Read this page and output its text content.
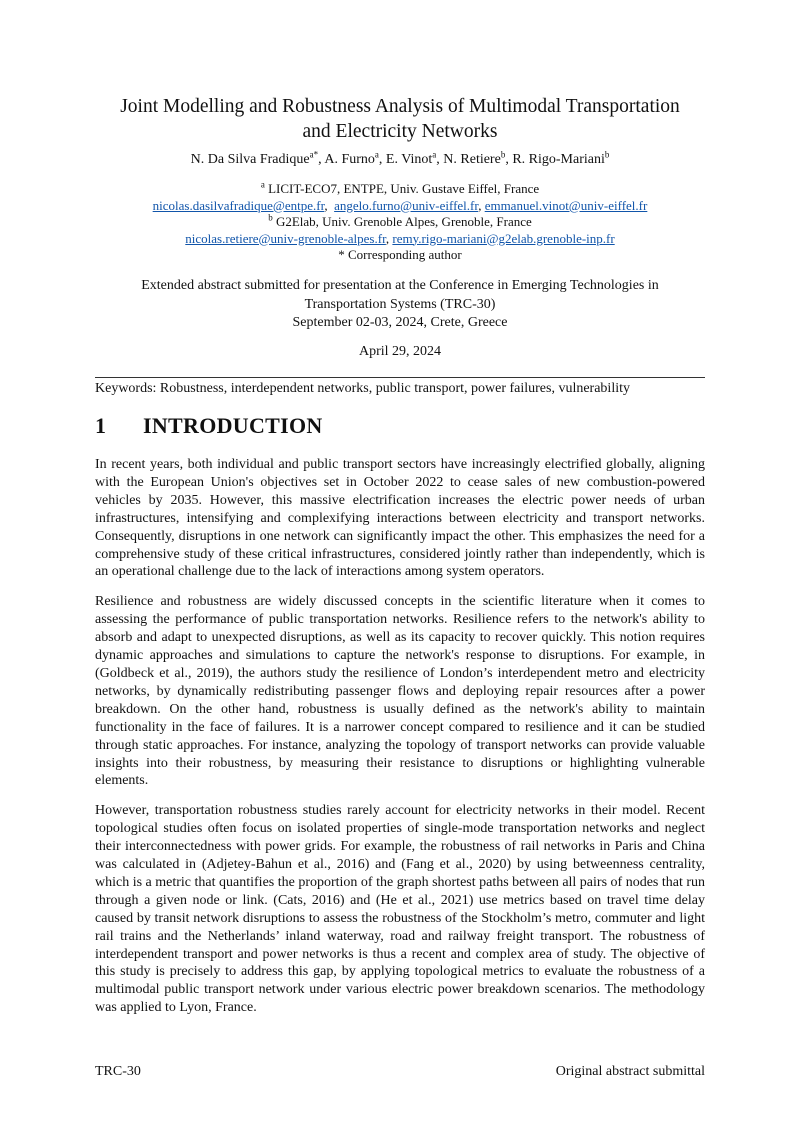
Joint Modelling and Robustness Analysis of Multimodal Transportation
and Electricity Networks
N. Da Silva Fradique$^{a*}$, A. Furno$^a$, E. Vinot$^a$, N. Retiere$^b$, R. Rigo-Mariani$^b$
$^a$ LICIT-ECO7, ENTPE, Univ. Gustave Eiffel, France
nicolas.dasilvafradique@entpe.fr,  angelo.furno@univ-eiffel.fr, emmanuel.vinot@univ-eiffel.fr
$^b$ G2Elab, Univ. Grenoble Alpes, Grenoble, France
nicolas.retiere@univ-grenoble-alpes.fr, remy.rigo-mariani@g2elab.grenoble-inp.fr
* Corresponding author
Extended abstract submitted for presentation at the Conference in Emerging Technologies in
Transportation Systems (TRC-30)
September 02-03, 2024, Crete, Greece
April 29, 2024
Keywords: Robustness, interdependent networks, public transport, power failures, vulnerability
1 INTRODUCTION

In recent years, both individual and public transport sectors have increasingly electrified globally, aligning with the European Union's objectives set in October 2022 to cease sales of new combustion-powered vehicles by 2035. However, this massive electrification increases the electric power needs of urban infrastructures, intensifying and complexifying interactions between electricity and transport networks. Consequently, disruptions in one network can significantly impact the other. This emphasizes the need for a comprehensive study of these critical infrastructures, considered jointly rather than independently, which is an operational challenge due to the lack of interactions among system operators.

Resilience and robustness are widely discussed concepts in the scientific literature when it comes to assessing the performance of public transportation networks. Resilience refers to the network's ability to absorb and adapt to unexpected disruptions, as well as its capacity to recover quickly. This notion requires dynamic approaches and simulations to capture the network's response to disruptions. For example, in (Goldbeck et al., 2019), the authors study the resilience of London’s interdependent metro and electricity networks, by dynamically redistributing passenger flows and deploying repair resources after a power breakdown. On the other hand, robustness is usually defined as the network's ability to maintain functionality in the face of failures. It is a narrower concept compared to resilience and it can be studied through static approaches. For instance, analyzing the topology of transport networks can provide valuable insights into their robustness, by measuring their resistance to disruptions or highlighting vulnerable elements.

However, transportation robustness studies rarely account for electricity networks in their model. Recent topological studies often focus on isolated properties of single-mode transportation networks and neglect their interconnectedness with power grids. For example, the robustness of rail networks in Paris and China was calculated in (Adjetey-Bahun et al., 2016) and (Fang et al., 2020) by using betweenness centrality, which is a metric that quantifies the proportion of the graph shortest paths between all pairs of nodes that run through a given node or link. (Cats, 2016) and (He et al., 2021) use metrics based on travel time delay caused by transit network disruptions to assess the robustness of the Stockholm’s metro, commuter and light rail trains and the Netherlands’ inland waterway, road and railway freight transport. The robustness of interdependent transport and power networks is thus a recent and complex area of study. The objective of this study is precisely to address this gap, by applying topological metrics to evaluate the robustness of a multimodal public transport network under various electric power breakdown scenarios. The methodology was applied to Lyon, France.

TRC-30	Original abstract submittal
